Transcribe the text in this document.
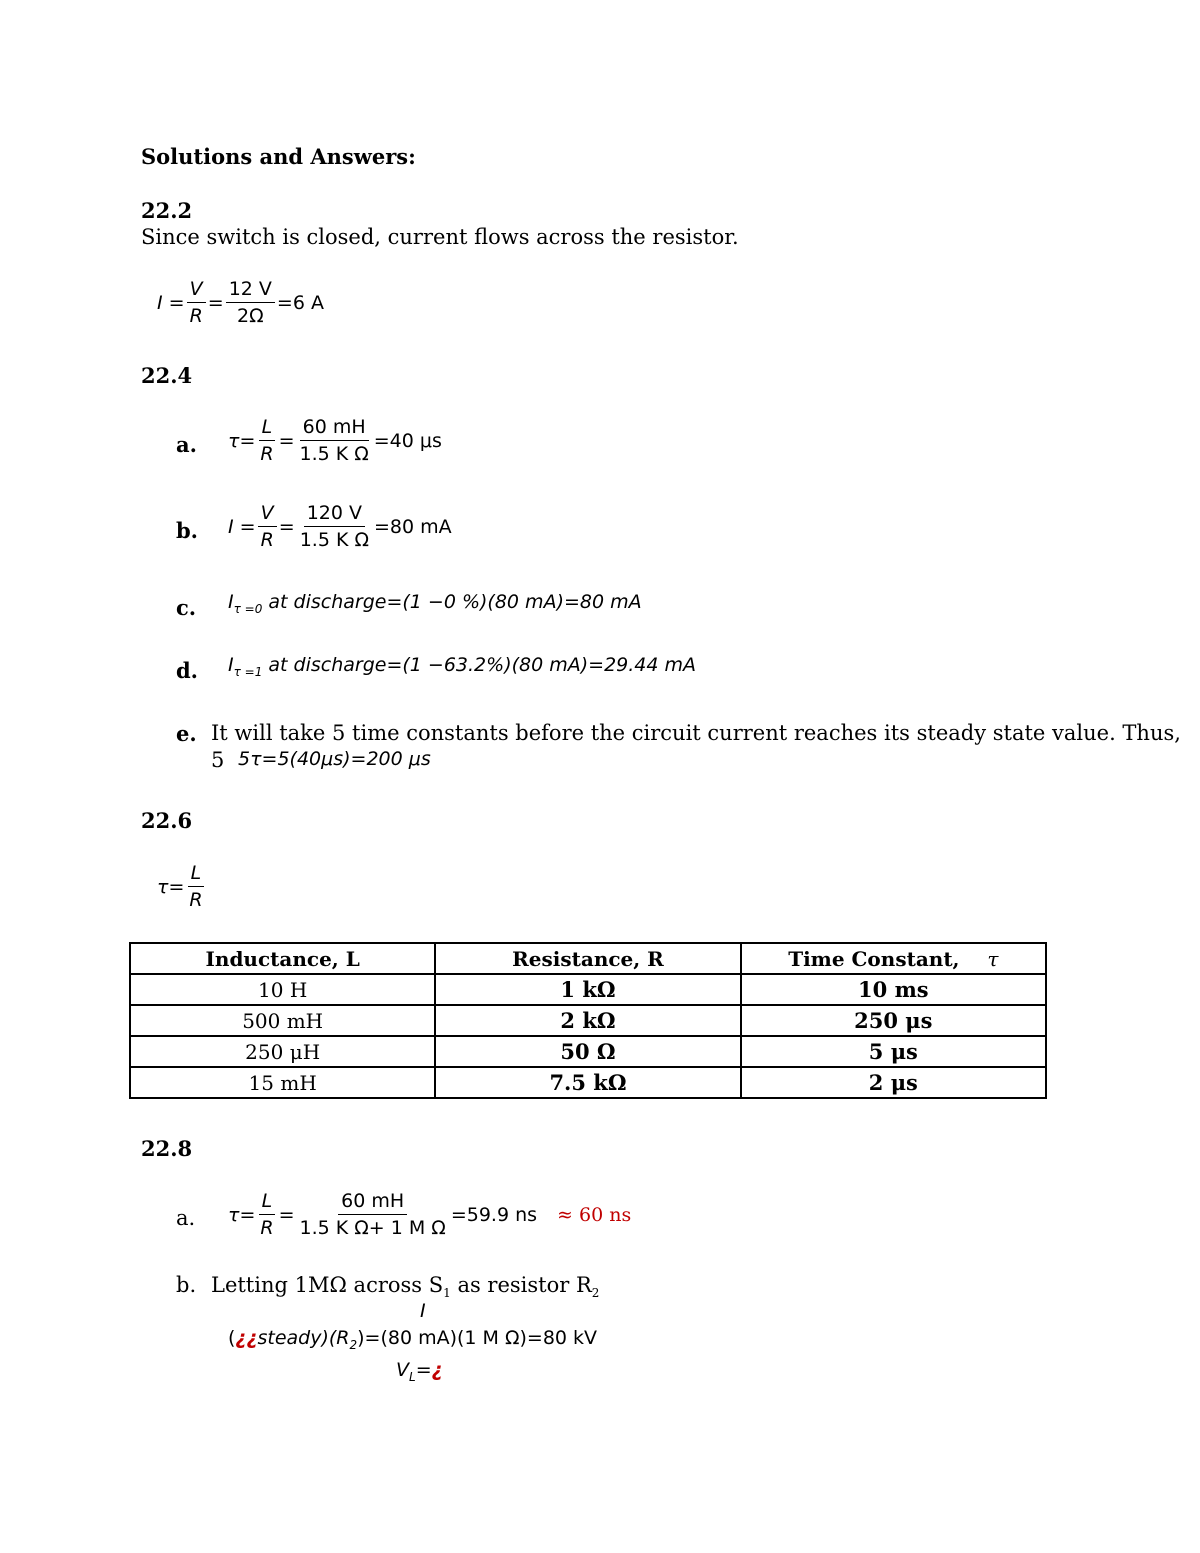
Solutions and Answers:
22.2
Since switch is closed, current flows across the resistor.
$I = \frac{V}{R} = \frac{12 V}{2\Omega} =6$ A
22.4
a. $\tau= \frac{L}{R} = \frac{60 mH}{\text{1.5 K Ω}} =40$ μs
b. $I = \frac{V}{R} = \frac{120 V}{\text{1.5 K Ω}} =80$ mA
c. $I_{\tau =0}$ at discharge=(1 −0 %)(80 mA)=80 mA
d. $I_{\tau =1}$ at discharge=(1 −63.2%)(80 mA)=29.44 mA
e. It will take 5 time constants before the circuit current reaches its steady state value. Thus,
5 5τ=5(40μs)=200 μs
22.6
$\tau= \frac{L}{R}$
Inductance, L	Resistance, R	Time Constant, τ
10 H	1 kΩ	10 ms
500 mH	2 kΩ	250 μs
250 μH	50 Ω	5 μs
15 mH	7.5 kΩ	2 μs
22.8
a. $\tau= \frac{L}{R} = \frac{60 mH}{\text{1.5 K Ω+ 1 M Ω}} =59.9$ ns ≈ 60 ns
b. Letting 1MΩ across $S_1$ as resistor $R_2$
I
$(¿¿steady)(R_2)=(80$ mA)(1 M Ω)=80 kV
$V_L=¿$
